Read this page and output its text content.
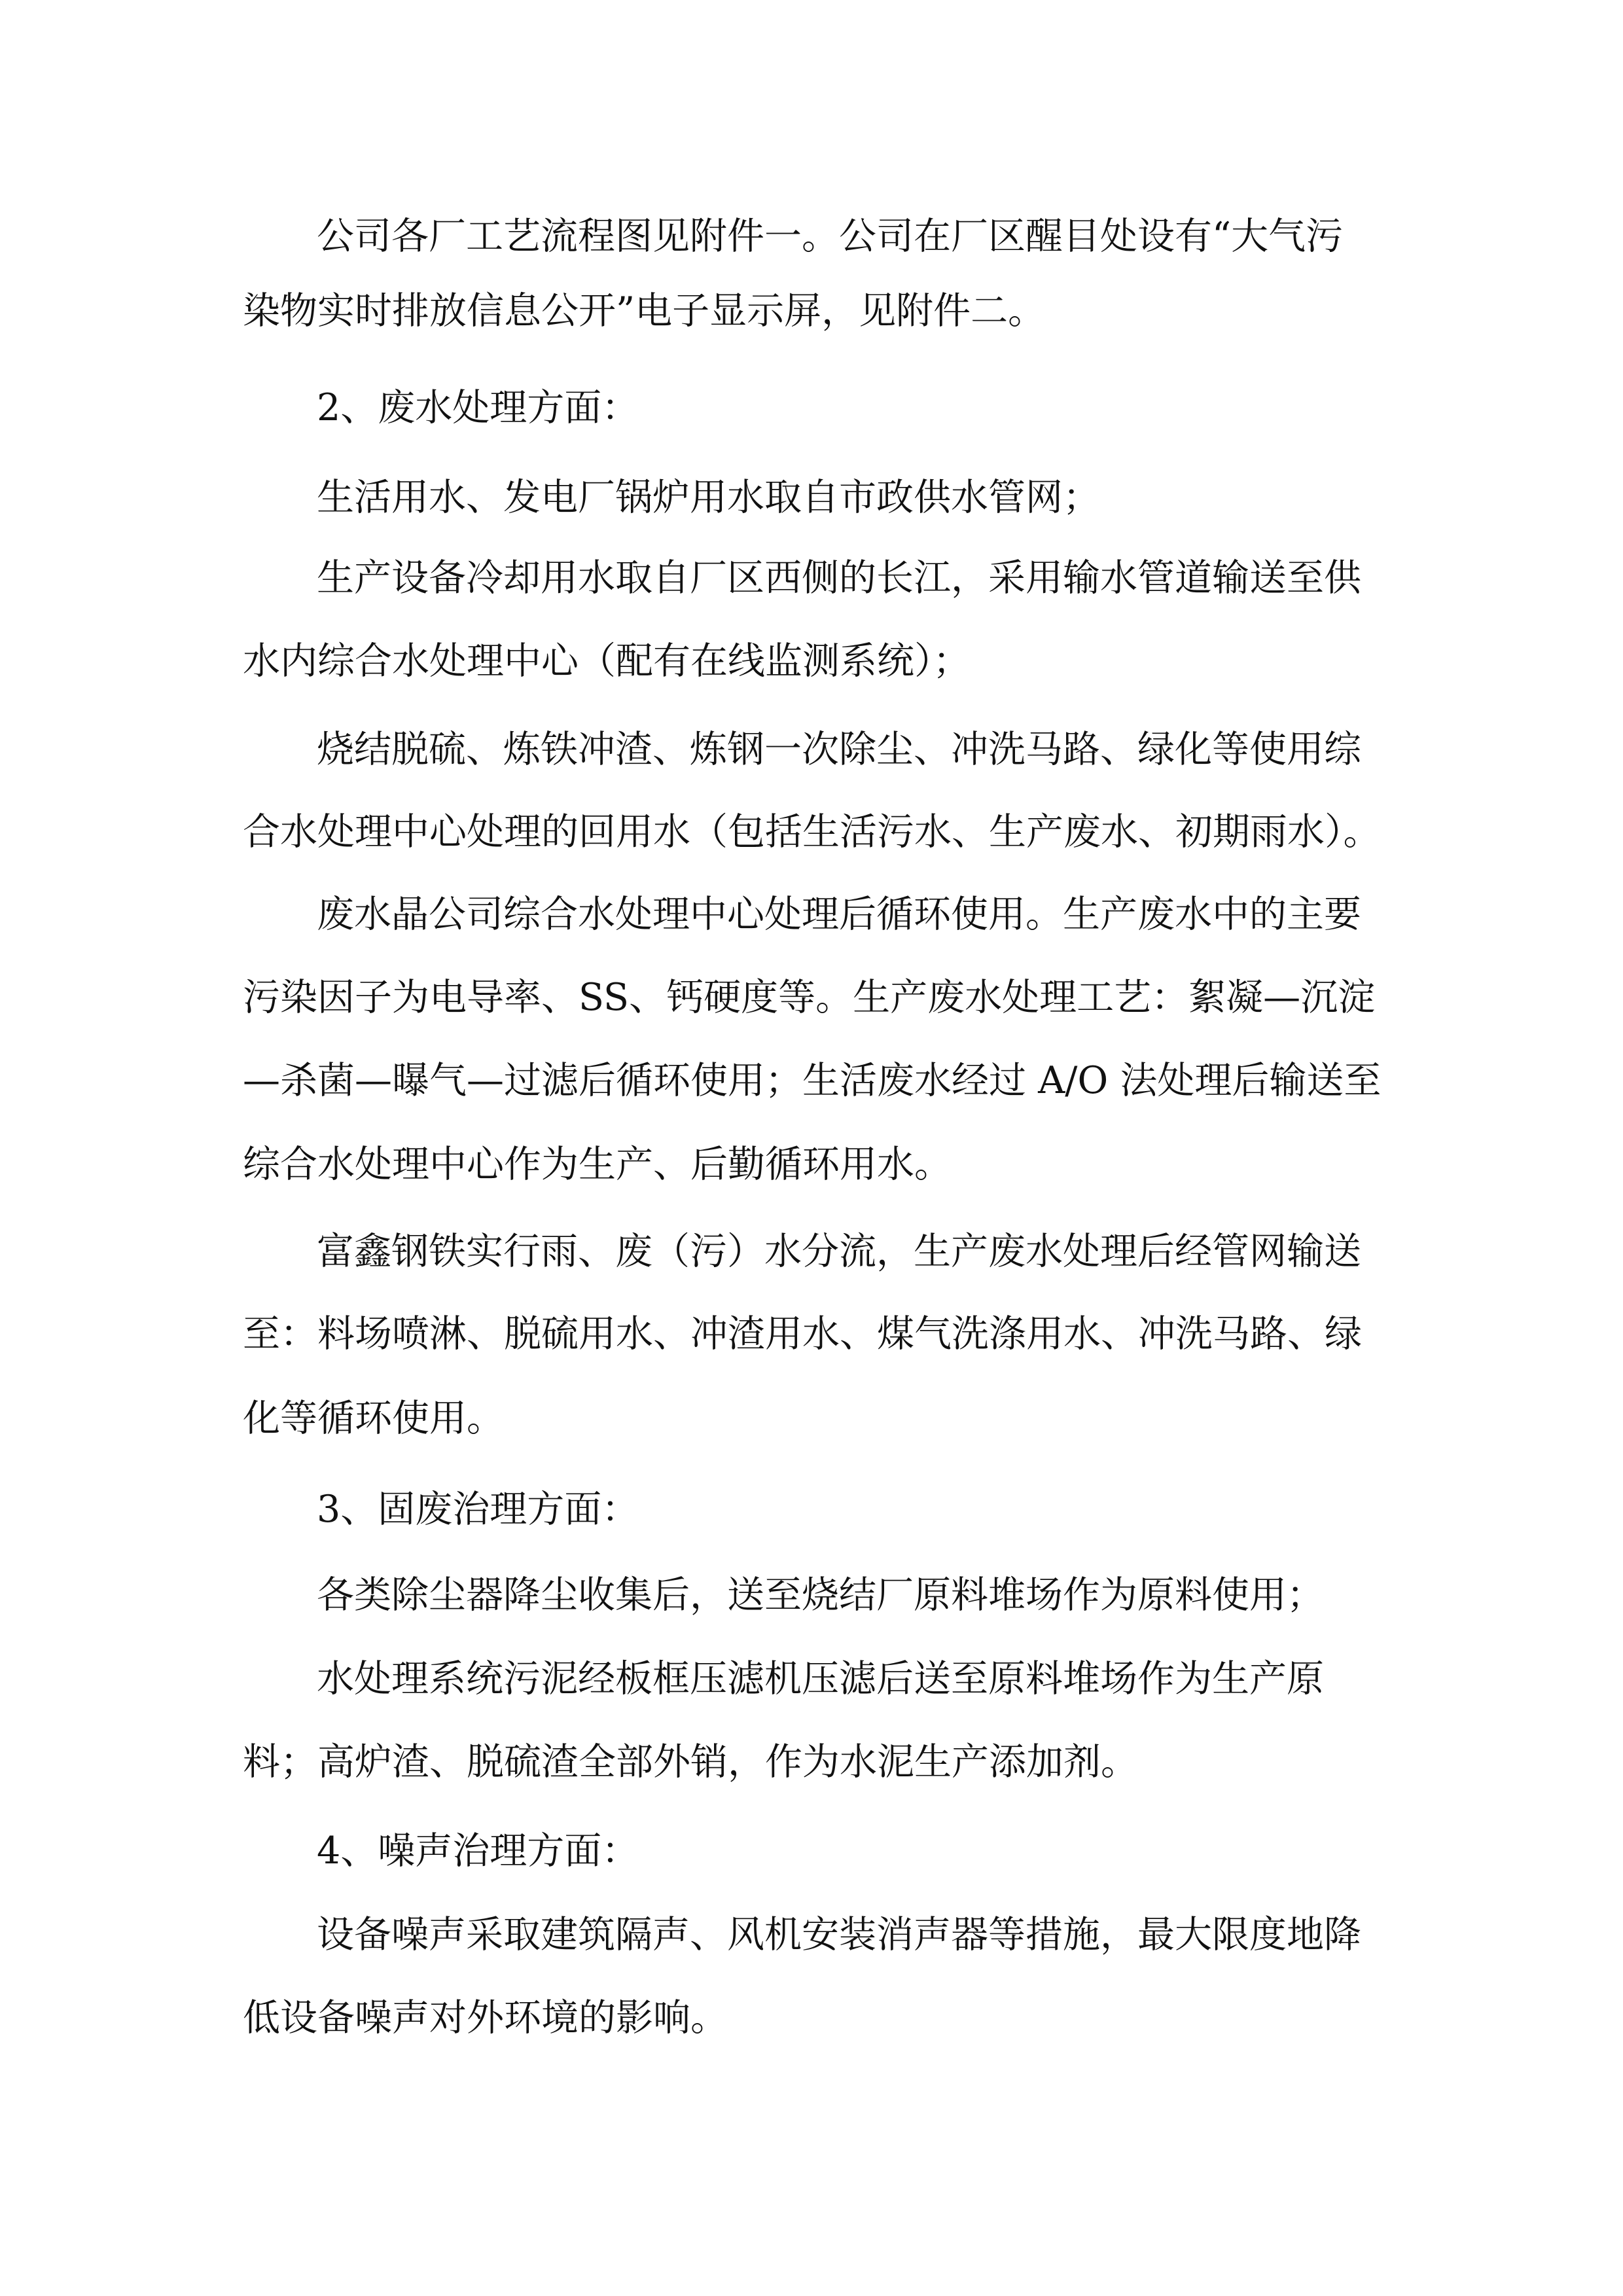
公司各厂工艺流程图见附件一。公司在厂区醒目处设有“大气污
染物实时排放信息公开”电子显示屏，见附件二。
2、废水处理方面：
生活用水、发电厂锅炉用水取自市政供水管网；
生产设备冷却用水取自厂区西侧的长江，采用输水管道输送至供
水内综合水处理中心（配有在线监测系统）；
烧结脱硫、炼铁冲渣、炼钢一次除尘、冲洗马路、绿化等使用综
合水处理中心处理的回用水（包括生活污水、生产废水、初期雨水）。
废水晶公司综合水处理中心处理后循环使用。生产废水中的主要
污染因子为电导率、SS、钙硬度等。生产废水处理工艺：絮凝—沉淀
—杀菌—曝气—过滤后循环使用；生活废水经过 A/O 法处理后输送至
综合水处理中心作为生产、后勤循环用水。
富鑫钢铁实行雨、废（污）水分流，生产废水处理后经管网输送
至：料场喷淋、脱硫用水、冲渣用水、煤气洗涤用水、冲洗马路、绿
化等循环使用。
3、固废治理方面：
各类除尘器降尘收集后，送至烧结厂原料堆场作为原料使用；
水处理系统污泥经板框压滤机压滤后送至原料堆场作为生产原
料；高炉渣、脱硫渣全部外销，作为水泥生产添加剂。
4、噪声治理方面：
设备噪声采取建筑隔声、风机安装消声器等措施，最大限度地降
低设备噪声对外环境的影响。
